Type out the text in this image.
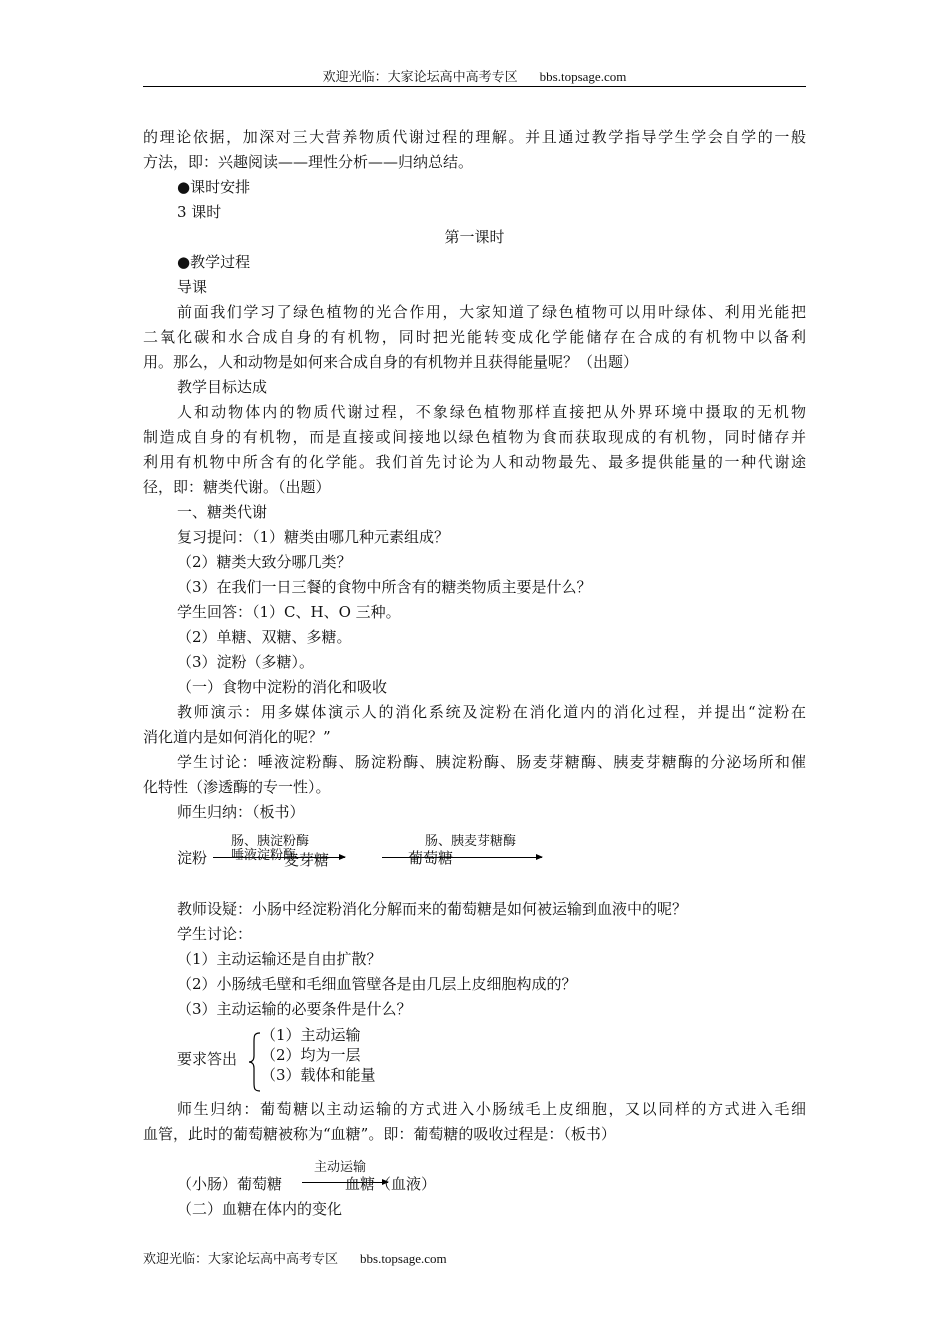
欢迎光临：大家论坛高中高考专区 bbs.topsage.com
的理论依据，加深对三大营养物质代谢过程的理解。并且通过教学指导学生学会自学的一般
方法，即：兴趣阅读——理性分析——归纳总结。
●课时安排
3 课时
第一课时
●教学过程
导课
前面我们学习了绿色植物的光合作用，大家知道了绿色植物可以用叶绿体、利用光能把
二氧化碳和水合成自身的有机物，同时把光能转变成化学能储存在合成的有机物中以备利
用。那么，人和动物是如何来合成自身的有机物并且获得能量呢？（出题）
教学目标达成
人和动物体内的物质代谢过程，不象绿色植物那样直接把从外界环境中摄取的无机物
制造成自身的有机物，而是直接或间接地以绿色植物为食而获取现成的有机物，同时储存并
利用有机物中所含有的化学能。我们首先讨论为人和动物最先、最多提供能量的一种代谢途
径，即：糖类代谢。（出题）
一、糖类代谢
复习提问：（1）糖类由哪几种元素组成？
（2）糖类大致分哪几类？
（3）在我们一日三餐的食物中所含有的糖类物质主要是什么？
学生回答：（1）C、H、O 三种。
（2）单糖、双糖、多糖。
（3）淀粉（多糖）。
（一）食物中淀粉的消化和吸收
教师演示：用多媒体演示人的消化系统及淀粉在消化道内的消化过程，并提出“淀粉在
消化道内是如何消化的呢？”
学生讨论：唾液淀粉酶、肠淀粉酶、胰淀粉酶、肠麦芽糖酶、胰麦芽糖酶的分泌场所和催
化特性（渗透酶的专一性）。
师生归纳：（板书）
淀粉
肠、胰淀粉酶
唾液淀粉酶
麦芽糖	葡萄糖
肠、胰麦芽糖酶
教师设疑：小肠中经淀粉消化分解而来的葡萄糖是如何被运输到血液中的呢？
学生讨论：
（1）主动运输还是自由扩散？
（2）小肠绒毛壁和毛细血管壁各是由几层上皮细胞构成的？
（3）主动运输的必要条件是什么？
要求答出
（1）主动运输
（2）均为一层
（3）载体和能量
师生归纳：葡萄糖以主动运输的方式进入小肠绒毛上皮细胞，又以同样的方式进入毛细
血管，此时的葡萄糖被称为“血糖”。即：葡萄糖的吸收过程是：（板书）
（小肠）葡萄糖
主动运输
血糖 （血液）
（二）血糖在体内的变化
欢迎光临：大家论坛高中高考专区 bbs.topsage.com
